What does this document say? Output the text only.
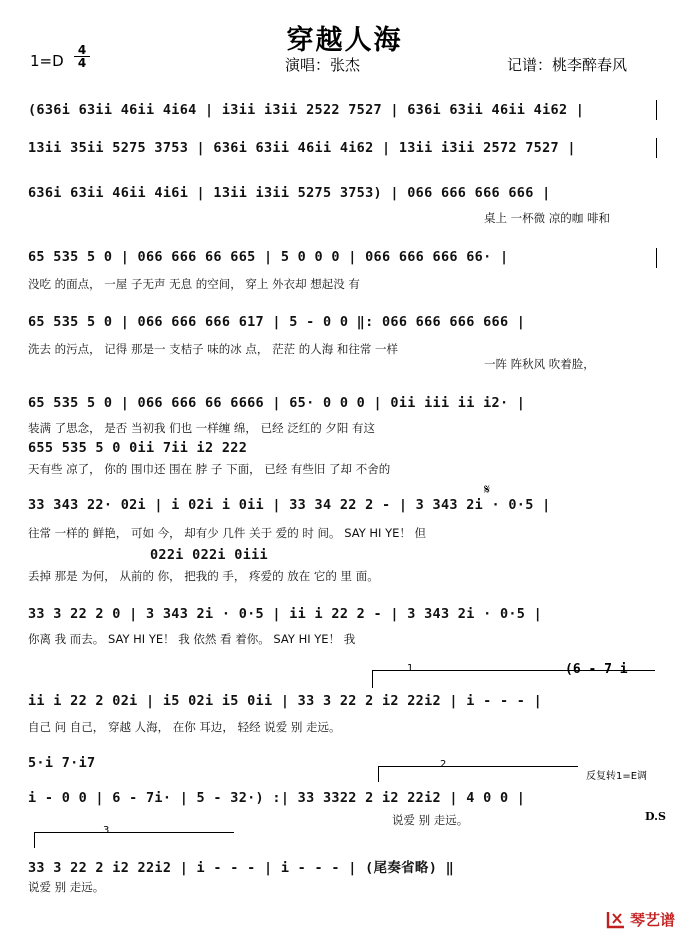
穿越人海
1=D
4
4	演唱：张杰	记谱：桃李醉春风
(636i 63ii 46ii 4i64 | i3ii i3ii 2522 7527 | 636i 63ii 46ii 4i62 |
13ii 35ii 5275 3753 | 636i 63ii 46ii 4i62 | 13ii i3ii 2572 7527 |
636i 63ii 46ii 4i6i | 13ii i3ii 5275 3753) | 066 666 666 666 |
65 535 5 0 | 066 666 66 665 | 5 0 0 0 | 066 666 666 66· |
65 535 5 0 | 066 666 666 617 | 5 - 0 0 ‖: 066 666 666 666 |
65 535 5 0 | 066 666 66 6666 | 65· 0 0 0 | 0ii iii ii i2· |
655 535 5 0 0ii 7ii i2 222
33 343 22· 02i | i 02i i 0ii | 33 34 22 2 - | 3 343 2i · 0·5 |
022i 022i 0iii
33 3 22 2 0 | 3 343 2i · 0·5 | ii i 22 2 - | 3 343 2i · 0·5 |
ii i 22 2 02i | i5 02i i5 0ii | 33 3 22 2 i2 22i2 | i - - - |
5·i 7·i7
i - 0 0 | 6 - 7i· | 5 - 32·) :| 33 3322 2 i2 22i2 | 4 0 0 |
33 3 22 2 i2 22i2 | i - - - | i - - - | (尾奏省略) ‖
桌上 一杯微 凉的咖 啡和
没吃 的面点， 一屋 子无声 无息 的空间， 穿上 外衣却 想起没 有
洗去 的污点， 记得 那是一 支桔子 味的冰 点， 茫茫 的人海 和往常 一样
一阵 阵秋风 吹着脸，
装满 了思念， 是否 当初我 们也 一样缠 绵， 已经 泛红的 夕阳 有这
天有些 凉了， 你的 围巾还 围在 脖 子 下面， 已经 有些旧 了却 不舍的
往常 一样的 鲜艳， 可如 今， 却有少 几件 关于 爱的 时 间。 SAY HI YE！ 但
丢掉 那是 为何， 从前的 你， 把我的 手， 疼爱的 放在 它的 里 面。
你离 我 而去。 SAY HI YE！ 我 依然 看 着你。 SAY HI YE！ 我
自己 问 自己， 穿越 人海， 在你 耳边， 轻经 说爱 别 走远。
说爱 别 走远。
说爱 别 走远。
1	(6 - 7 i
2
反复转1=E调
D.S
3
𝄋
琴艺谱
